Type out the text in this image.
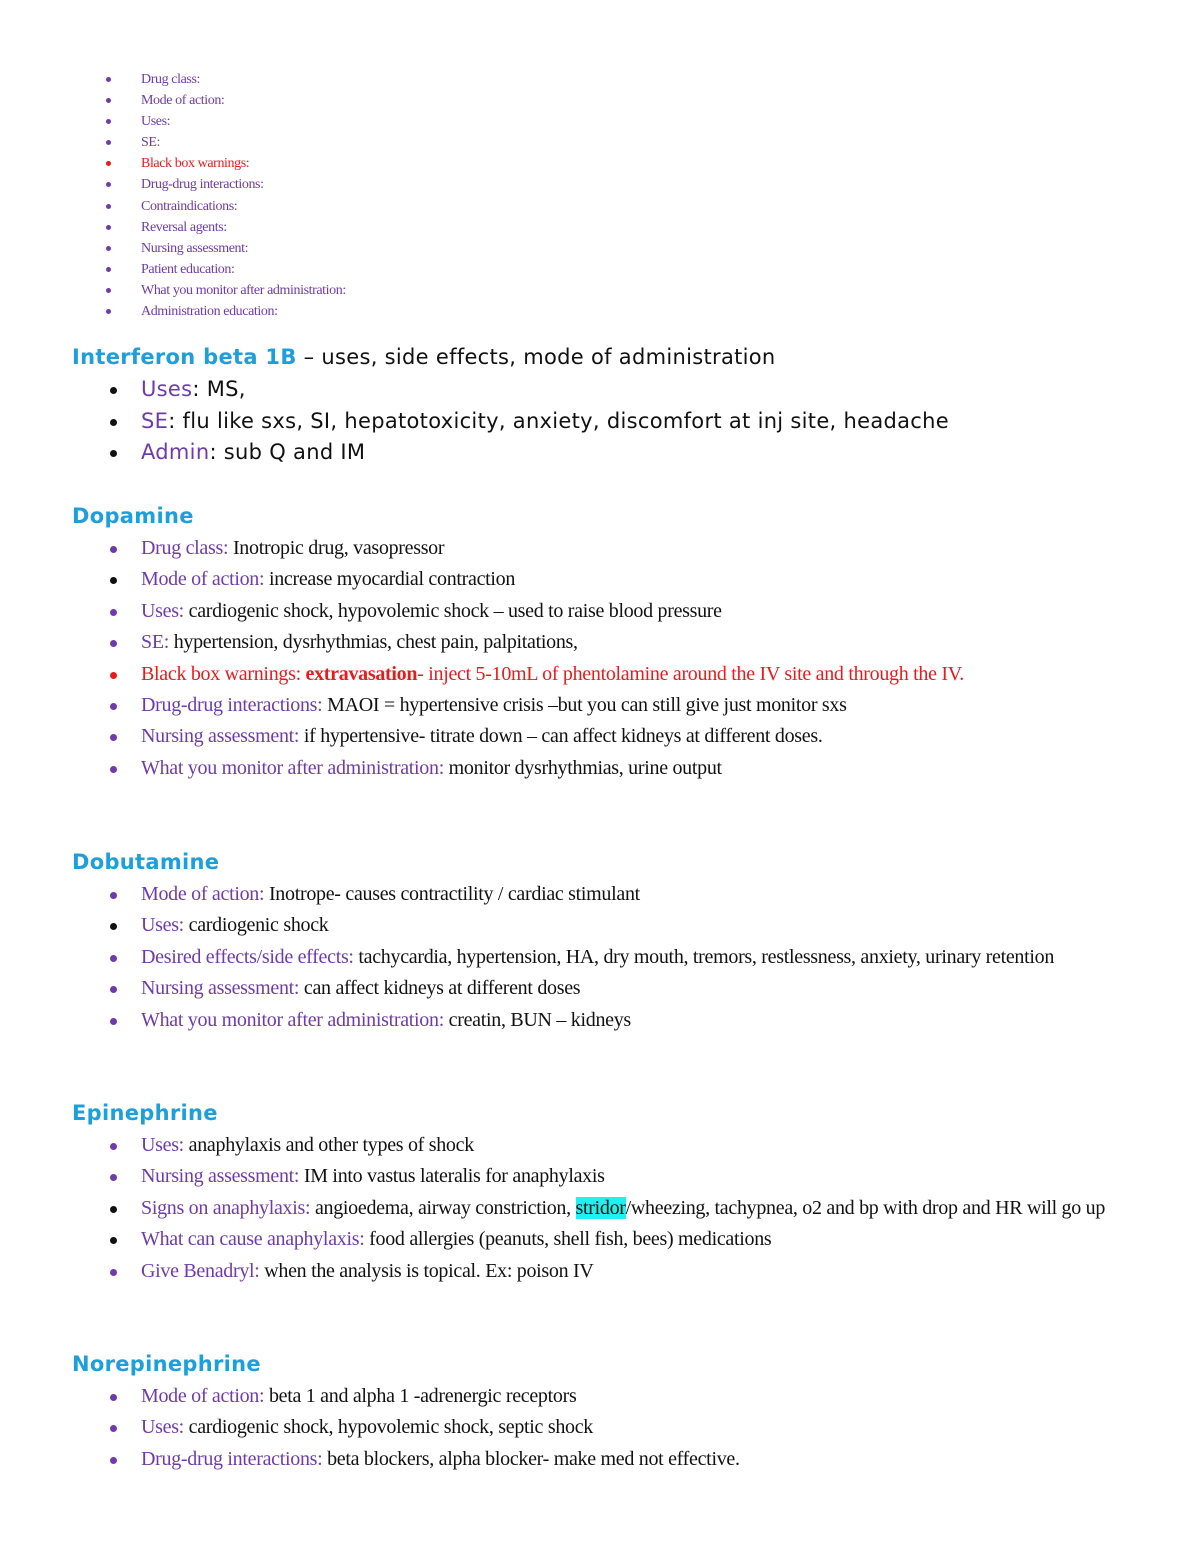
Drug class:
Mode of action:
Uses:
SE:
Black box warnings:
Drug-drug interactions:
Contraindications:
Reversal agents:
Nursing assessment:
Patient education:
What you monitor after administration:
Administration education:
Interferon beta 1B – uses, side effects, mode of administration
Uses: MS,
SE: flu like sxs, SI, hepatotoxicity, anxiety, discomfort at inj site, headache
Admin: sub Q and IM
Dopamine
Drug class: Inotropic drug, vasopressor
Mode of action: increase myocardial contraction
Uses: cardiogenic shock, hypovolemic shock – used to raise blood pressure
SE: hypertension, dysrhythmias, chest pain, palpitations,
Black box warnings: extravasation- inject 5-10mL of phentolamine around the IV site and through the IV.
Drug-drug interactions: MAOI = hypertensive crisis –but you can still give just monitor sxs
Nursing assessment: if hypertensive- titrate down – can affect kidneys at different doses.
What you monitor after administration: monitor dysrhythmias, urine output
Dobutamine
Mode of action: Inotrope- causes contractility / cardiac stimulant
Uses: cardiogenic shock
Desired effects/side effects: tachycardia, hypertension, HA, dry mouth, tremors, restlessness, anxiety, urinary retention
Nursing assessment: can affect kidneys at different doses
What you monitor after administration: creatin, BUN – kidneys
Epinephrine
Uses: anaphylaxis and other types of shock
Nursing assessment: IM into vastus lateralis for anaphylaxis
Signs on anaphylaxis: angioedema, airway constriction, stridor/wheezing, tachypnea, o2 and bp with drop and HR will go up
What can cause anaphylaxis: food allergies (peanuts, shell fish, bees) medications
Give Benadryl: when the analysis is topical. Ex: poison IV
Norepinephrine
Mode of action: beta 1 and alpha 1 -adrenergic receptors
Uses: cardiogenic shock, hypovolemic shock, septic shock
Drug-drug interactions: beta blockers, alpha blocker- make med not effective.
